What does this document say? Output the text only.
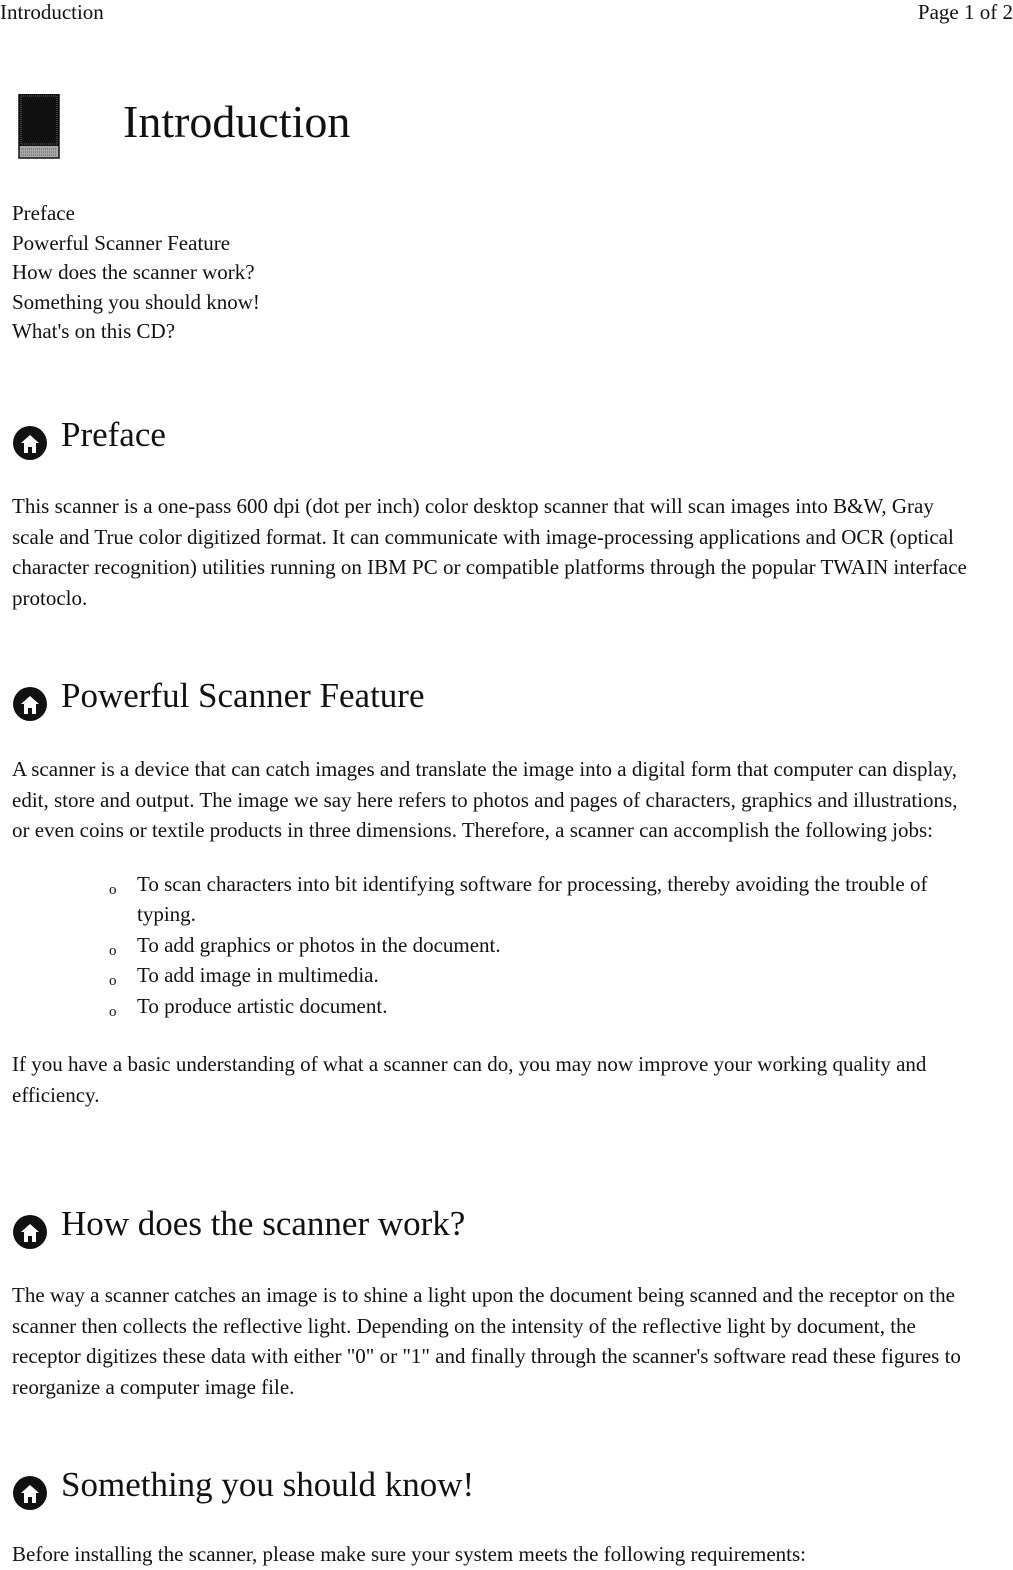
Introduction	Page 1 of 2
Introduction
Preface
Powerful Scanner Feature
How does the scanner work?
Something you should know!
What's on this CD?
Preface

This scanner is a one-pass 600 dpi (dot per inch) color desktop scanner that will scan images into B&W, Gray scale and True color digitized format. It can communicate with image-processing applications and OCR (optical character recognition) utilities running on IBM PC or compatible platforms through the popular TWAIN interface protoclo.

Powerful Scanner Feature

A scanner is a device that can catch images and translate the image into a digital form that computer can display, edit, store and output. The image we say here refers to photos and pages of characters, graphics and illustrations, or even coins or textile products in three dimensions. Therefore, a scanner can accomplish the following jobs:

o To scan characters into bit identifying software for processing, thereby avoiding the trouble of typing.
o To add graphics or photos in the document.
o To add image in multimedia.
o To produce artistic document.

If you have a basic understanding of what a scanner can do, you may now improve your working quality and efficiency.

How does the scanner work?

The way a scanner catches an image is to shine a light upon the document being scanned and the receptor on the scanner then collects the reflective light. Depending on the intensity of the reflective light by document, the receptor digitizes these data with either "0" or "1" and finally through the scanner's software read these figures to reorganize a computer image file.

Something you should know!

Before installing the scanner, please make sure your system meets the following requirements:
